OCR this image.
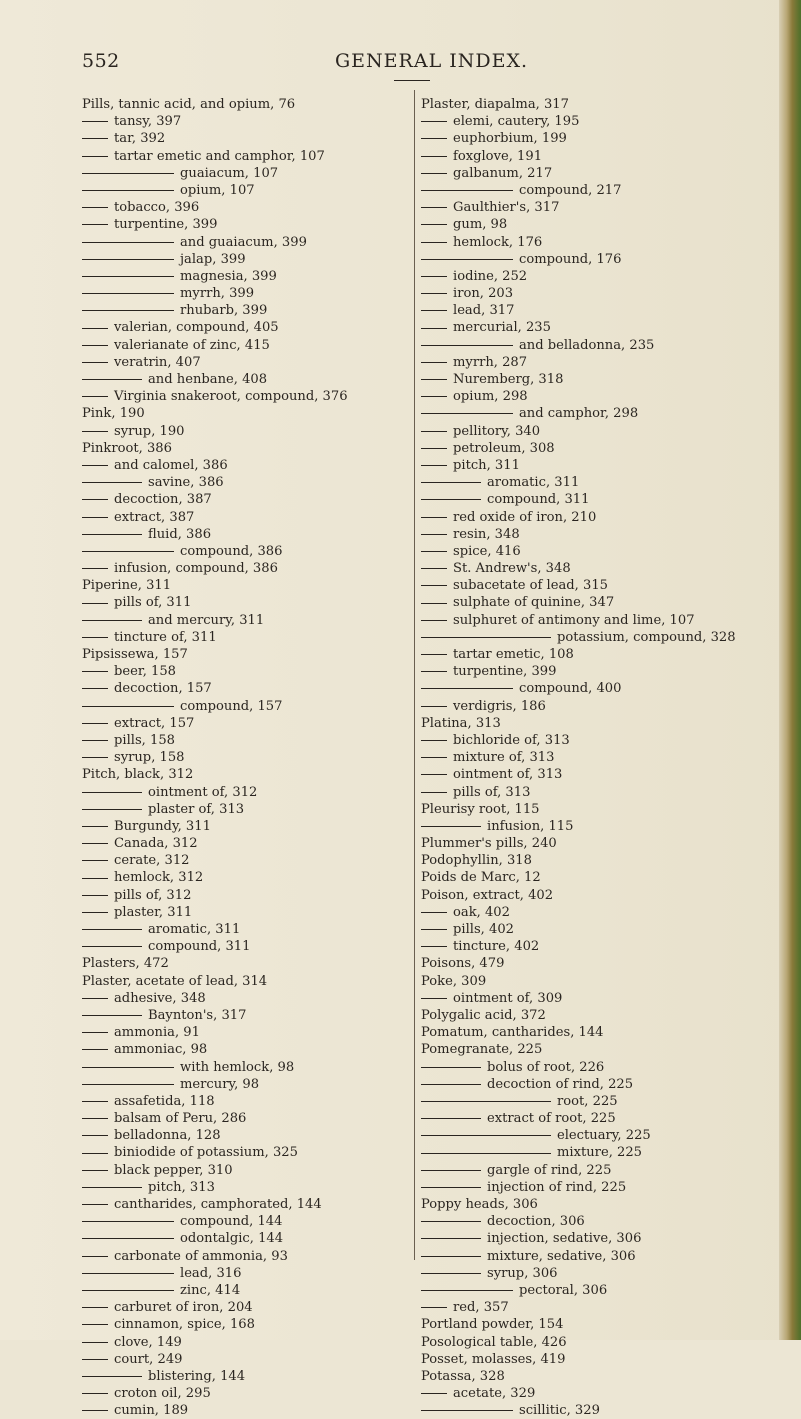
552	GENERAL INDEX.
Pills, tannic acid, and opium, 76
tansy, 397
tar, 392
tartar emetic and camphor, 107
guaiacum, 107
opium, 107
tobacco, 396
turpentine, 399
and guaiacum, 399
jalap, 399
magnesia, 399
myrrh, 399
rhubarb, 399
valerian, compound, 405
valerianate of zinc, 415
veratrin, 407
and henbane, 408
Virginia snakeroot, compound, 376
Pink, 190
syrup, 190
Pinkroot, 386
and calomel, 386
savine, 386
decoction, 387
extract, 387
fluid, 386
compound, 386
infusion, compound, 386
Piperine, 311
pills of, 311
and mercury, 311
tincture of, 311
Pipsissewa, 157
beer, 158
decoction, 157
compound, 157
extract, 157
pills, 158
syrup, 158
Pitch, black, 312
ointment of, 312
plaster of, 313
Burgundy, 311
Canada, 312
cerate, 312
hemlock, 312
pills of, 312
plaster, 311
aromatic, 311
compound, 311
Plasters, 472
Plaster, acetate of lead, 314
adhesive, 348
Baynton's, 317
ammonia, 91
ammoniac, 98
with hemlock, 98
mercury, 98
assafetida, 118
balsam of Peru, 286
belladonna, 128
biniodide of potassium, 325
black pepper, 310
pitch, 313
cantharides, camphorated, 144
compound, 144
odontalgic, 144
carbonate of ammonia, 93
lead, 316
zinc, 414
carburet of iron, 204
cinnamon, spice, 168
clove, 149
court, 249
blistering, 144
croton oil, 295
cumin, 189
Plaster, diapalma, 317
elemi, cautery, 195
euphorbium, 199
foxglove, 191
galbanum, 217
compound, 217
Gaulthier's, 317
gum, 98
hemlock, 176
compound, 176
iodine, 252
iron, 203
lead, 317
mercurial, 235
and belladonna, 235
myrrh, 287
Nuremberg, 318
opium, 298
and camphor, 298
pellitory, 340
petroleum, 308
pitch, 311
aromatic, 311
compound, 311
red oxide of iron, 210
resin, 348
spice, 416
St. Andrew's, 348
subacetate of lead, 315
sulphate of quinine, 347
sulphuret of antimony and lime, 107
potassium, compound, 328
tartar emetic, 108
turpentine, 399
compound, 400
verdigris, 186
Platina, 313
bichloride of, 313
mixture of, 313
ointment of, 313
pills of, 313
Pleurisy root, 115
infusion, 115
Plummer's pills, 240
Podophyllin, 318
Poids de Marc, 12
Poison, extract, 402
oak, 402
pills, 402
tincture, 402
Poisons, 479
Poke, 309
ointment of, 309
Polygalic acid, 372
Pomatum, cantharides, 144
Pomegranate, 225
bolus of root, 226
decoction of rind, 225
root, 225
extract of root, 225
electuary, 225
mixture, 225
gargle of rind, 225
injection of rind, 225
Poppy heads, 306
decoction, 306
injection, sedative, 306
mixture, sedative, 306
syrup, 306
pectoral, 306
red, 357
Portland powder, 154
Posological table, 426
Posset, molasses, 419
Potassa, 328
acetate, 329
scillitic, 329
